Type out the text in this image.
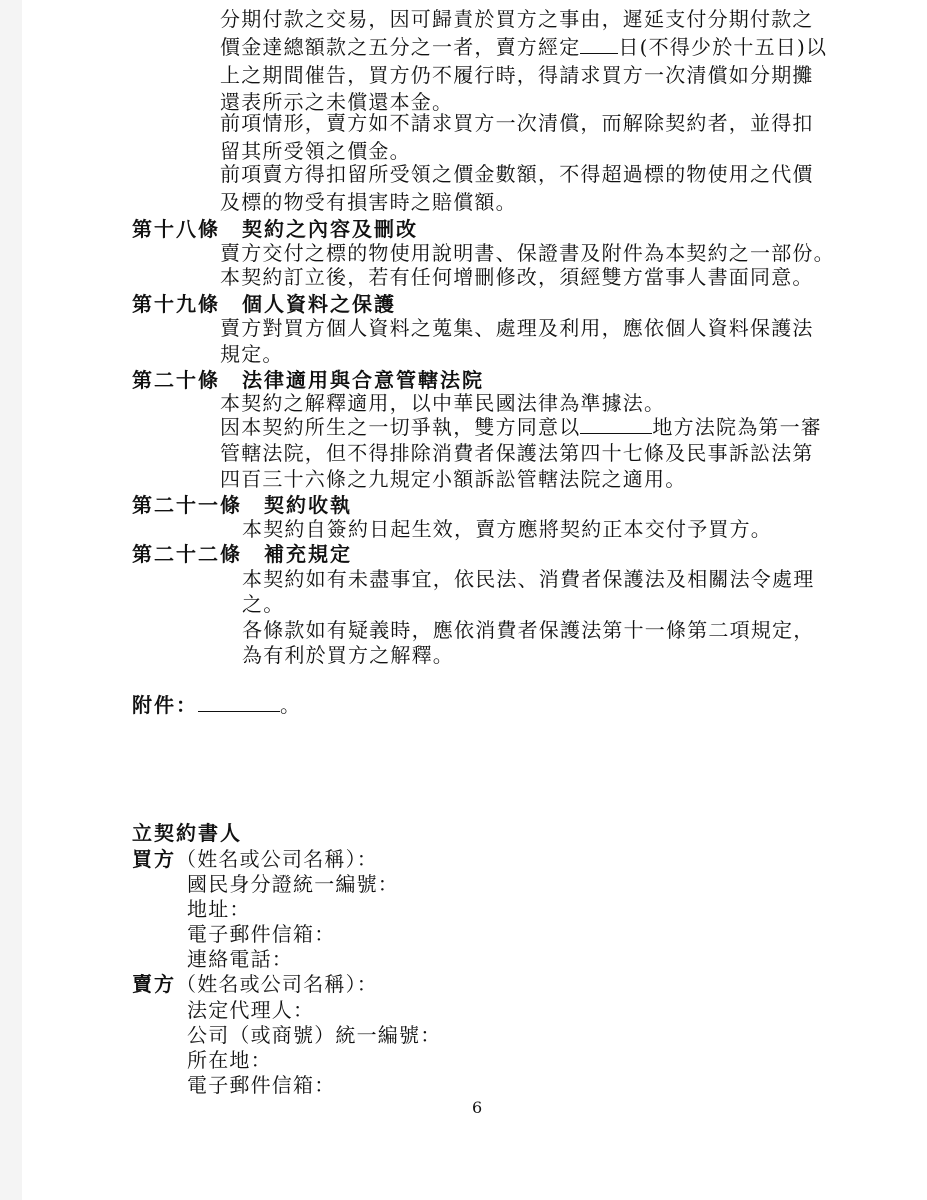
分期付款之交易，因可歸責於買方之事由，遲延支付分期付款之
價金達總額款之五分之一者，賣方經定 日(不得少於十五日)以
上之期間催告，買方仍不履行時，得請求買方一次清償如分期攤
還表所示之未償還本金。
前項情形，賣方如不請求買方一次清償，而解除契約者，並得扣
留其所受領之價金。
前項賣方得扣留所受領之價金數額，不得超過標的物使用之代價
及標的物受有損害時之賠償額。
第十八條　契約之內容及刪改
賣方交付之標的物使用說明書、保證書及附件為本契約之一部份。
本契約訂立後，若有任何增刪修改，須經雙方當事人書面同意。
第十九條　個人資料之保護
賣方對買方個人資料之蒐集、處理及利用，應依個人資料保護法
規定。
第二十條　法律適用與合意管轄法院
本契約之解釋適用，以中華民國法律為準據法。
因本契約所生之一切爭執，雙方同意以	地方法院為第一審
管轄法院，但不得排除消費者保護法第四十七條及民事訴訟法第
四百三十六條之九規定小額訴訟管轄法院之適用。
第二十一條　契約收執
本契約自簽約日起生效，賣方應將契約正本交付予買方。
第二十二條　補充規定
本契約如有未盡事宜，依民法、消費者保護法及相關法令處理
之。
各條款如有疑義時，應依消費者保護法第十一條第二項規定，
為有利於買方之解釋。
附件：	。
立契約書人
買方（姓名或公司名稱）：
國民身分證統一編號：
地址：
電子郵件信箱：
連絡電話：
賣方（姓名或公司名稱）：
法定代理人：
公司（或商號）統一編號：
所在地：
電子郵件信箱：
6
